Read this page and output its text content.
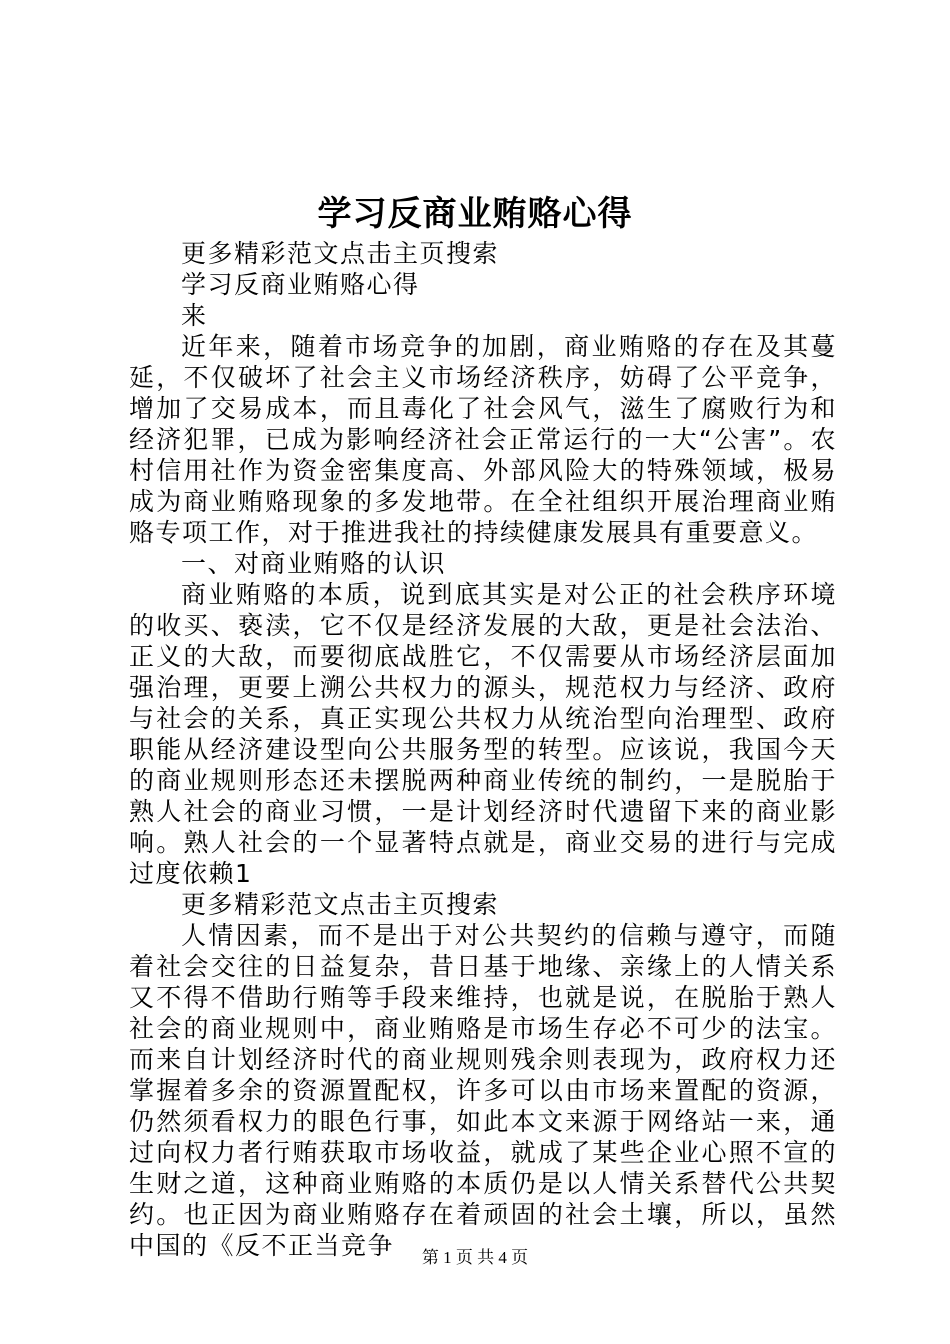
学习反商业贿赂心得

更多精彩范文点击主页搜索

学习反商业贿赂心得

来

近年来，随着市场竞争的加剧，商业贿赂的存在及其蔓延，不仅破坏了社会主义市场经济秩序，妨碍了公平竞争，增加了交易成本，而且毒化了社会风气，滋生了腐败行为和经济犯罪，已成为影响经济社会正常运行的一大“公害”。农村信用社作为资金密集度高、外部风险大的特殊领域，极易成为商业贿赂现象的多发地带。在全社组织开展治理商业贿赂专项工作，对于推进我社的持续健康发展具有重要意义。

一、对商业贿赂的认识

商业贿赂的本质，说到底其实是对公正的社会秩序环境的收买、亵渎，它不仅是经济发展的大敌，更是社会法治、正义的大敌，而要彻底战胜它，不仅需要从市场经济层面加强治理，更要上溯公共权力的源头，规范权力与经济、政府与社会的关系，真正实现公共权力从统治型向治理型、政府职能从经济建设型向公共服务型的转型。应该说，我国今天的商业规则形态还未摆脱两种商业传统的制约，一是脱胎于熟人社会的商业习惯，一是计划经济时代遗留下来的商业影响。熟人社会的一个显著特点就是，商业交易的进行与完成过度依赖1

更多精彩范文点击主页搜索

人情因素，而不是出于对公共契约的信赖与遵守，而随着社会交往的日益复杂，昔日基于地缘、亲缘上的人情关系又不得不借助行贿等手段来维持，也就是说，在脱胎于熟人社会的商业规则中，商业贿赂是市场生存必不可少的法宝。而来自计划经济时代的商业规则残余则表现为，政府权力还掌握着多余的资源置配权，许多可以由市场来置配的资源，仍然须看权力的眼色行事，如此本文来源于网络站一来，通过向权力者行贿获取市场收益，就成了某些企业心照不宣的生财之道，这种商业贿赂的本质仍是以人情关系替代公共契约。也正因为商业贿赂存在着顽固的社会土壤，所以，虽然中国的《反不正当竞争	第 1 页 共 4 页
